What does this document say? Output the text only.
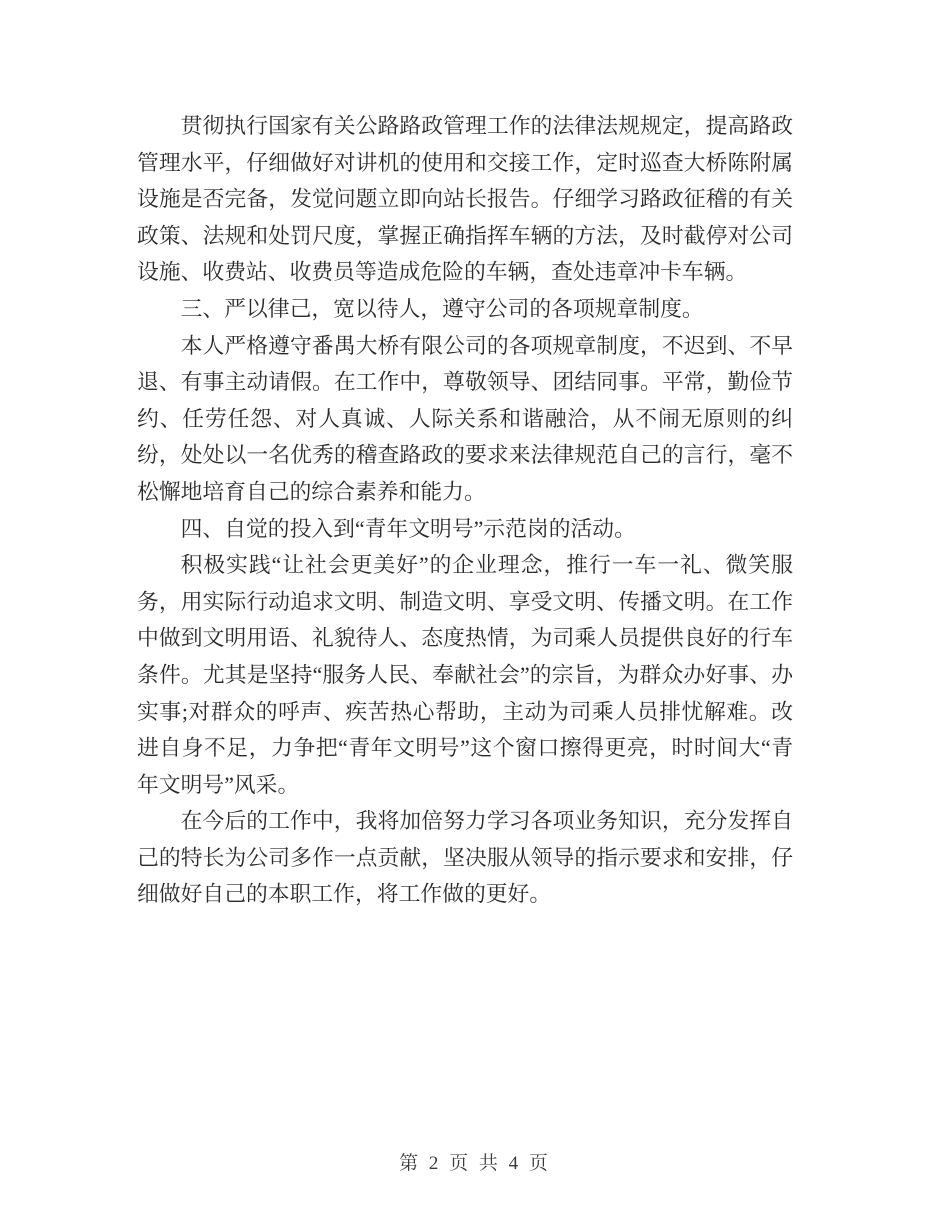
贯彻执行国家有关公路路政管理工作的法律法规规定，提高路政管理水平，仔细做好对讲机的使用和交接工作，定时巡查大桥陈附属设施是否完备，发觉问题立即向站长报告。仔细学习路政征稽的有关政策、法规和处罚尺度，掌握正确指挥车辆的方法，及时截停对公司设施、收费站、收费员等造成危险的车辆，查处违章冲卡车辆。

三、严以律己，宽以待人，遵守公司的各项规章制度。

本人严格遵守番禺大桥有限公司的各项规章制度，不迟到、不早退、有事主动请假。在工作中，尊敬领导、团结同事。平常，勤俭节约、任劳任怨、对人真诚、人际关系和谐融洽，从不闹无原则的纠纷，处处以一名优秀的稽查路政的要求来法律规范自己的言行，毫不松懈地培育自己的综合素养和能力。

四、自觉的投入到“青年文明号”示范岗的活动。

积极实践“让社会更美好”的企业理念，推行一车一礼、微笑服务，用实际行动追求文明、制造文明、享受文明、传播文明。在工作中做到文明用语、礼貌待人、态度热情，为司乘人员提供良好的行车条件。尤其是坚持“服务人民、奉献社会”的宗旨，为群众办好事、办实事;对群众的呼声、疾苦热心帮助，主动为司乘人员排忧解难。改进自身不足，力争把“青年文明号”这个窗口擦得更亮，时时间大“青年文明号”风采。

在今后的工作中，我将加倍努力学习各项业务知识，充分发挥自己的特长为公司多作一点贡献，坚决服从领导的指示要求和安排，仔细做好自己的本职工作，将工作做的更好。

第 2 页 共 4 页
